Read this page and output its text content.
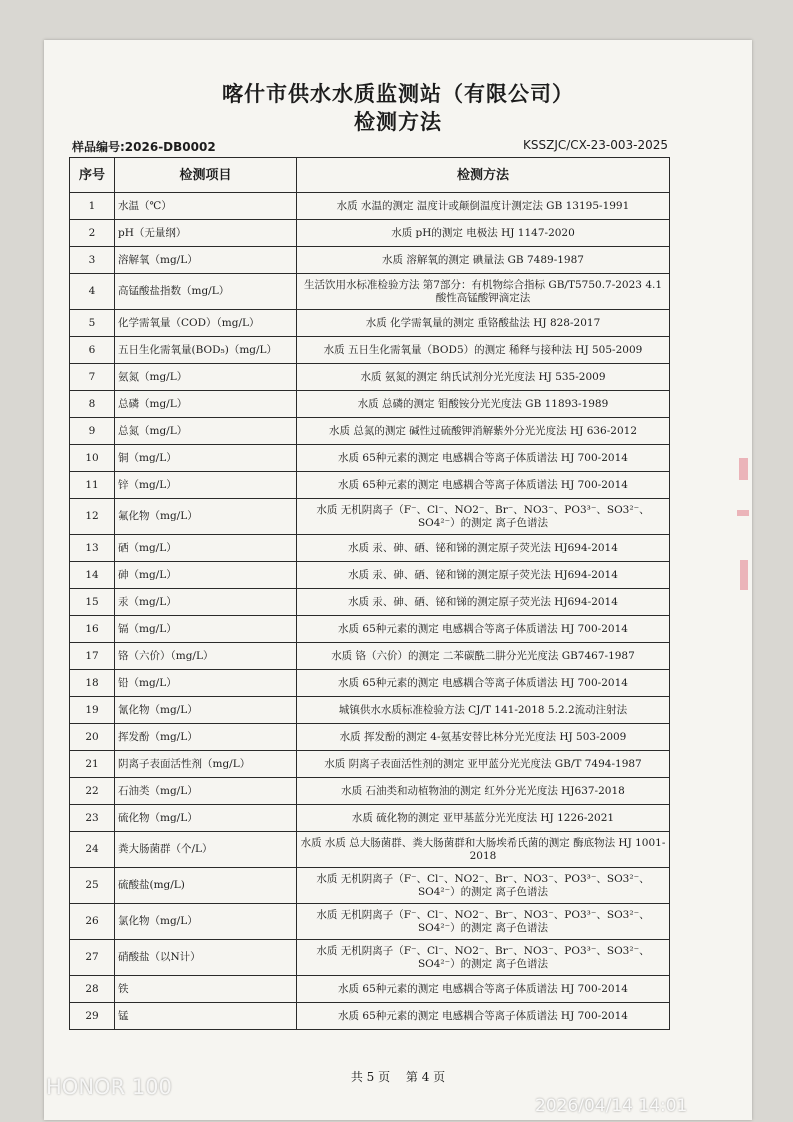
喀什市供水水质监测站（有限公司）
检测方法
样品编号:2026-DB0002	KSSZJC/CX-23-003-2025
序号	检测项目	检测方法
1	水温（℃）	水质 水温的测定 温度计或颠倒温度计测定法 GB 13195-1991
2	pH（无量纲）	水质 pH的测定 电极法 HJ 1147-2020
3	溶解氧（mg/L）	水质 溶解氧的测定 碘量法 GB 7489-1987
4	高锰酸盐指数（mg/L）	生活饮用水标准检验方法 第7部分：有机物综合指标 GB/T5750.7-2023 4.1 酸性高锰酸钾滴定法
5	化学需氧量（COD）（mg/L）	水质 化学需氧量的测定 重铬酸盐法 HJ 828-2017
6	五日生化需氧量(BOD₅)（mg/L）	水质 五日生化需氧量（BOD5）的测定 稀释与接种法 HJ 505-2009
7	氨氮（mg/L）	水质 氨氮的测定 纳氏试剂分光光度法 HJ 535-2009
8	总磷（mg/L）	水质 总磷的测定 钼酸铵分光光度法 GB 11893-1989
9	总氮（mg/L）	水质 总氮的测定 碱性过硫酸钾消解紫外分光光度法 HJ 636-2012
10	铜（mg/L）	水质 65种元素的测定 电感耦合等离子体质谱法 HJ 700-2014
11	锌（mg/L）	水质 65种元素的测定 电感耦合等离子体质谱法 HJ 700-2014
12	氟化物（mg/L）	水质 无机阴离子（F⁻、Cl⁻、NO2⁻、Br⁻、NO3⁻、PO3³⁻、SO3²⁻、SO4²⁻）的测定 离子色谱法
13	硒（mg/L）	水质 汞、砷、硒、铋和锑的测定原子荧光法 HJ694-2014
14	砷（mg/L）	水质 汞、砷、硒、铋和锑的测定原子荧光法 HJ694-2014
15	汞（mg/L）	水质 汞、砷、硒、铋和锑的测定原子荧光法 HJ694-2014
16	镉（mg/L）	水质 65种元素的测定 电感耦合等离子体质谱法 HJ 700-2014
17	铬（六价）（mg/L）	水质 铬（六价）的测定 二苯碳酰二肼分光光度法 GB7467-1987
18	铅（mg/L）	水质 65种元素的测定 电感耦合等离子体质谱法 HJ 700-2014
19	氰化物（mg/L）	城镇供水水质标准检验方法 CJ/T 141-2018 5.2.2流动注射法
20	挥发酚（mg/L）	水质 挥发酚的测定 4-氨基安替比林分光光度法 HJ 503-2009
21	阴离子表面活性剂（mg/L）	水质 阴离子表面活性剂的测定 亚甲蓝分光光度法 GB/T 7494-1987
22	石油类（mg/L）	水质 石油类和动植物油的测定 红外分光光度法 HJ637-2018
23	硫化物（mg/L）	水质 硫化物的测定 亚甲基蓝分光光度法 HJ 1226-2021
24	粪大肠菌群（个/L）	水质 水质 总大肠菌群、粪大肠菌群和大肠埃希氏菌的测定 酶底物法 HJ 1001-2018
25	硫酸盐(mg/L)	水质 无机阴离子（F⁻、Cl⁻、NO2⁻、Br⁻、NO3⁻、PO3³⁻、SO3²⁻、SO4²⁻）的测定 离子色谱法
26	氯化物（mg/L）	水质 无机阴离子（F⁻、Cl⁻、NO2⁻、Br⁻、NO3⁻、PO3³⁻、SO3²⁻、SO4²⁻）的测定 离子色谱法
27	硝酸盐（以N计）	水质 无机阴离子（F⁻、Cl⁻、NO2⁻、Br⁻、NO3⁻、PO3³⁻、SO3²⁻、SO4²⁻）的测定 离子色谱法
28	铁	水质 65种元素的测定 电感耦合等离子体质谱法 HJ 700-2014
29	锰	水质 65种元素的测定 电感耦合等离子体质谱法 HJ 700-2014
共 5 页 第 4 页
HONOR 100
2026/04/14 14:01
